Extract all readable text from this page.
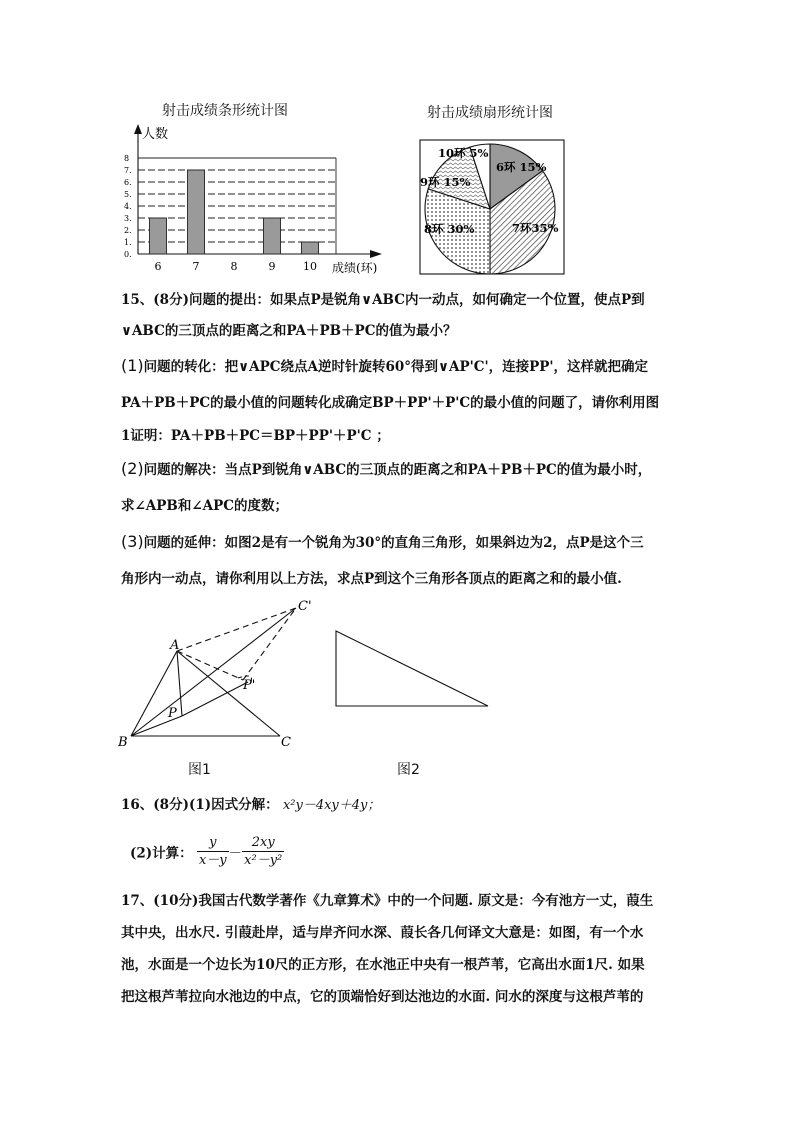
射击成绩条形统计图	射击成绩扇形统计图
0.
1.
2.
3.
4.
5.
6.
7.
8
人数
6	7	8	9	10 成绩(环)
6环 15%
7环35%
8环 30%
9环 15%
10环 5%
15、(8分)问题的提出：如果点P是锐角∨ABC内一动点，如何确定一个位置，使点P到
∨ABC的三顶点的距离之和PA＋PB＋PC的值为最小？
(1)问题的转化：把∨APC绕点A逆时针旋转60°得到∨AP'C'，连接PP'，这样就把确定
PA＋PB＋PC的最小值的问题转化成确定BP＋PP'＋P'C的最小值的问题了，请你利用图
1证明：PA＋PB＋PC＝BP＋PP'＋P'C ；
(2)问题的解决：当点P到锐角∨ABC的三顶点的距离之和PA＋PB＋PC的值为最小时，
求∠APB和∠APC的度数；
(3)问题的延伸：如图2是有一个锐角为30°的直角三角形，如果斜边为2，点P是这个三
角形内一动点，请你利用以上方法，求点P到这个三角形各顶点的距离之和的最小值.
A
B	C
P
P'
C'
图1	图2
16、(8分)(1)因式分解： x²y－4xy＋4y；
(2)计算： $\frac{y}{x-y} - \frac{2xy}{\text{x²－y²}}$
17、(10分)我国古代数学著作《九章算术》中的一个问题. 原文是：今有池方一丈，葭生
其中央，出水尺. 引葭赴岸，适与岸齐问水深、葭长各几何译文大意是：如图，有一个水
池，水面是一个边长为10尺的正方形，在水池正中央有一根芦苇，它高出水面1尺. 如果
把这根芦苇拉向水池边的中点，它的顶端恰好到达池边的水面. 问水的深度与这根芦苇的
